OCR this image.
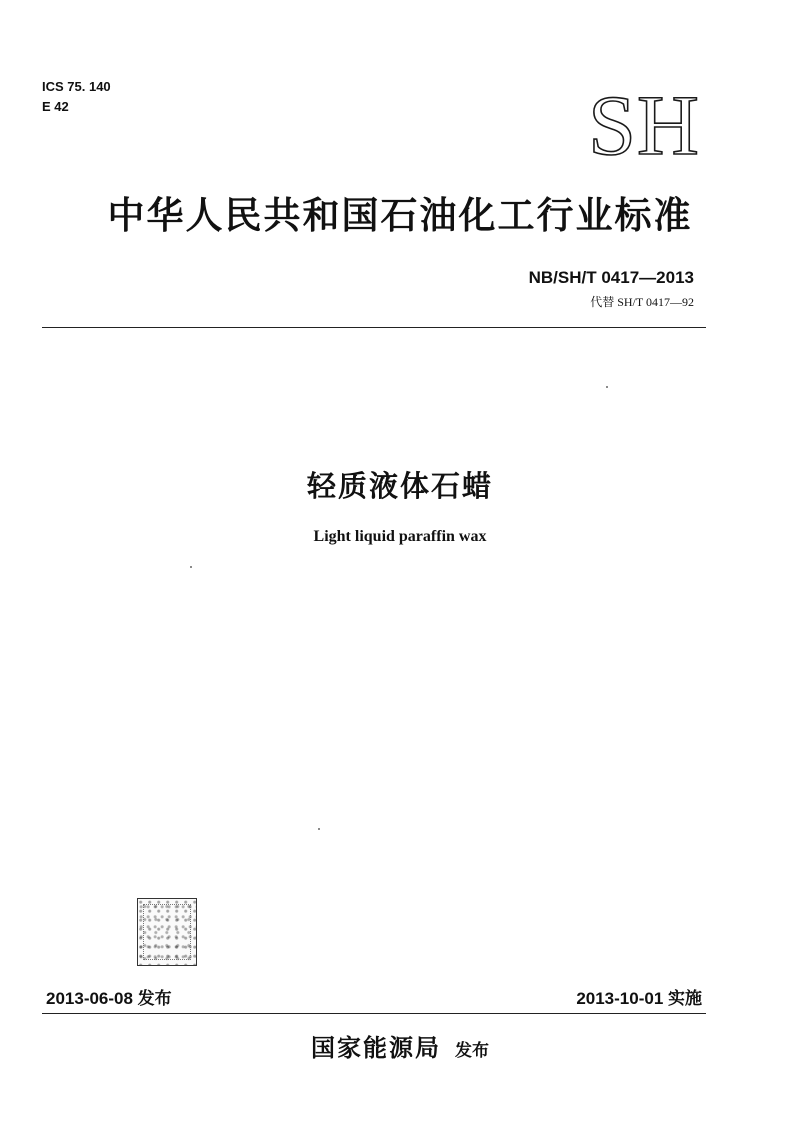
ICS 75. 140
E 42	SH
中华人民共和国石油化工行业标准
NB/SH/T 0417—2013
代替 SH/T 0417—92
轻质液体石蜡
Light liquid paraffin wax
2013-06-08 发布	2013-10-01 实施
国家能源局 发布
